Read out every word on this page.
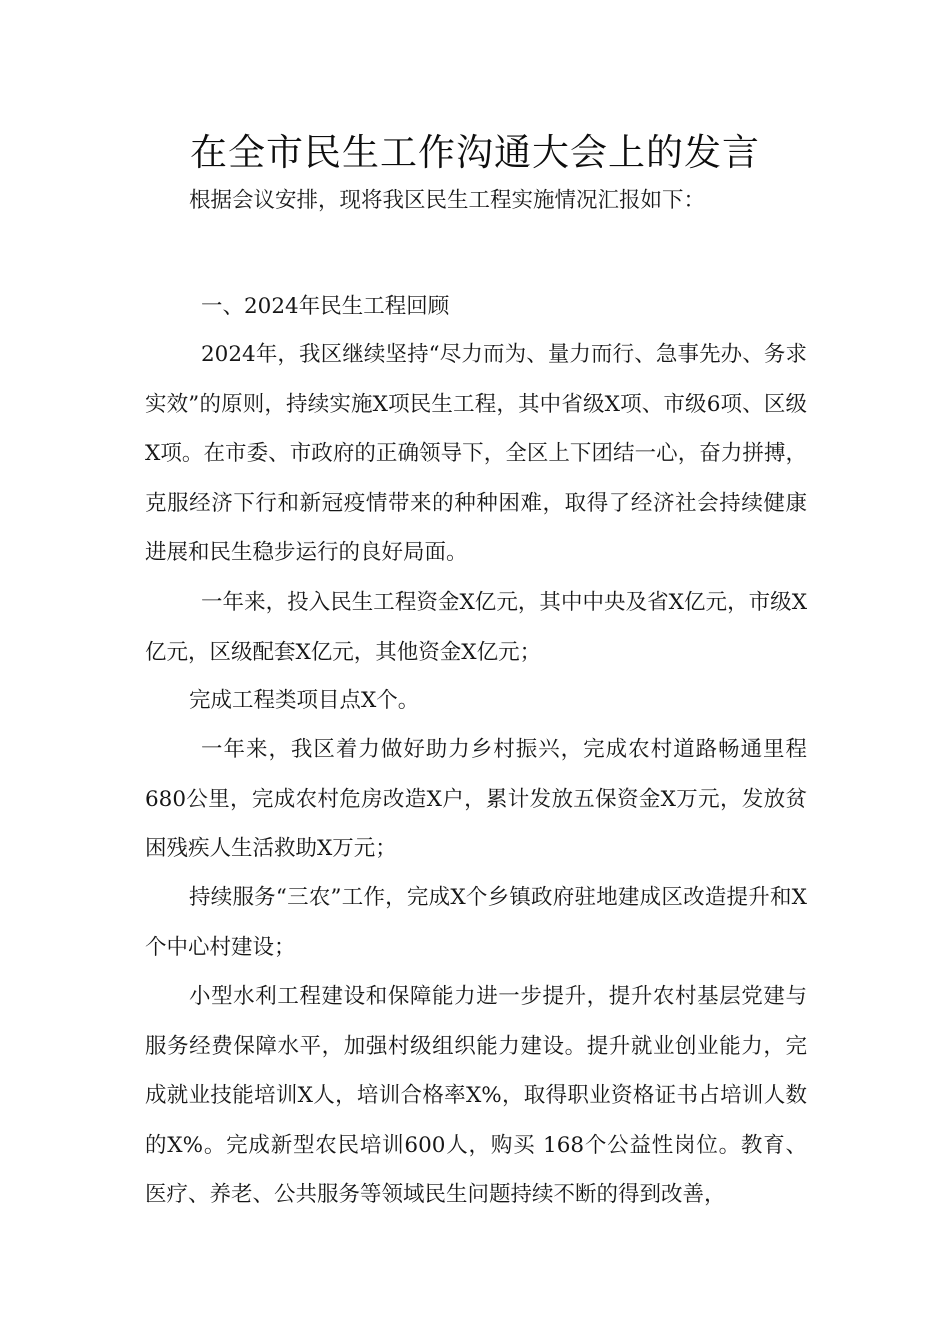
在全市民生工作沟通大会上的发言

根据会议安排，现将我区民生工程实施情况汇报如下：

一、2024年民生工程回顾

2024年，我区继续坚持“尽力而为、量力而行、急事先办、务求实效”的原则，持续实施X项民生工程，其中省级X项、市级6项、区级X项。在市委、市政府的正确领导下，全区上下团结一心，奋力拼搏，克服经济下行和新冠疫情带来的种种困难，取得了经济社会持续健康进展和民生稳步运行的良好局面。

一年来，投入民生工程资金X亿元，其中中央及省X亿元，市级X亿元，区级配套X亿元，其他资金X亿元；

完成工程类项目点X个。

一年来，我区着力做好助力乡村振兴，完成农村道路畅通里程680公里，完成农村危房改造X户，累计发放五保资金X万元，发放贫困残疾人生活救助X万元；

持续服务“三农”工作，完成X个乡镇政府驻地建成区改造提升和X个中心村建设；

小型水利工程建设和保障能力进一步提升，提升农村基层党建与服务经费保障水平，加强村级组织能力建设。提升就业创业能力，完成就业技能培训X人，培训合格率X%，取得职业资格证书占培训人数的X%。完成新型农民培训600人，购买 168个公益性岗位。教育、医疗、养老、公共服务等领域民生问题持续不断的得到改善，
